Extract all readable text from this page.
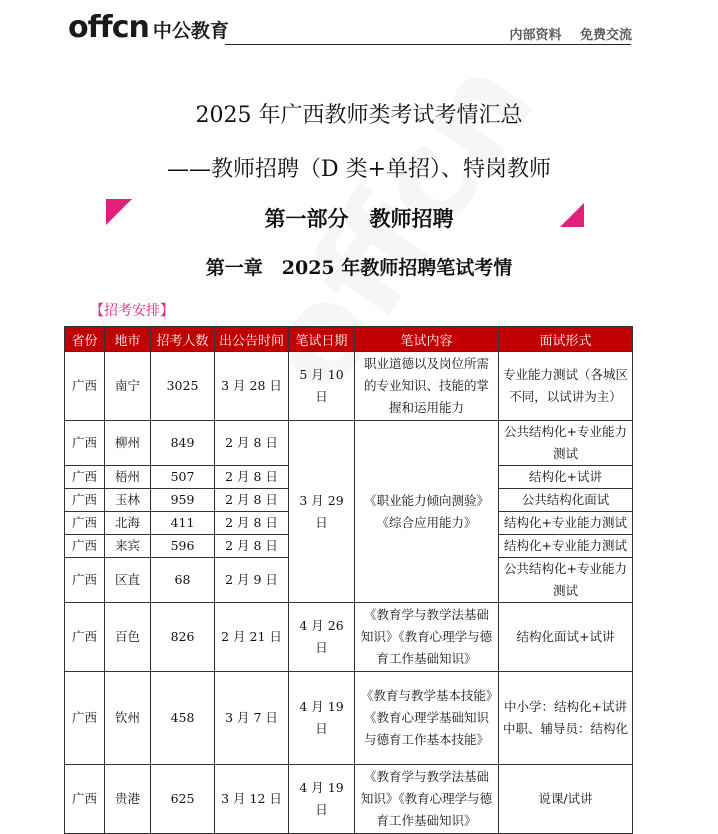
offcn 中公教育	内部资料 免费交流
2025 年广西教师类考试考情汇总
——教师招聘（D 类+单招）、特岗教师
第一部分　教师招聘
第一章　2025 年教师招聘笔试考情
【招考安排】
省份	地市	招考人数	出公告时间	笔试日期	笔试内容	面试形式
广西	南宁	3025	3 月 28 日	5 月 10 日	职业道德以及岗位所需的专业知识、技能的掌握和运用能力	专业能力测试（各城区不同，以试讲为主）
广西	柳州	849	2 月 8 日	3 月 29 日	《职业能力倾向测验》《综合应用能力》	公共结构化+专业能力测试
广西	梧州	507	2 月 8 日			结构化+试讲
广西	玉林	959	2 月 8 日			公共结构化面试
广西	北海	411	2 月 8 日			结构化+专业能力测试
广西	来宾	596	2 月 8 日			结构化+专业能力测试
广西	区直	68	2 月 9 日			公共结构化+专业能力测试
广西	百色	826	2 月 21 日	4 月 26 日	《教育学与教学法基础知识》《教育心理学与德育工作基础知识》	结构化面试+试讲
广西	钦州	458	3 月 7 日	4 月 19 日	《教育与教学基本技能》《教育心理学基础知识与德育工作基本技能》	中小学：结构化+试讲中职、辅导员：结构化
广西	贵港	625	3 月 12 日	4 月 19 日	《教育学与教学法基础知识》《教育心理学与德育工作基础知识》	说课/试讲
